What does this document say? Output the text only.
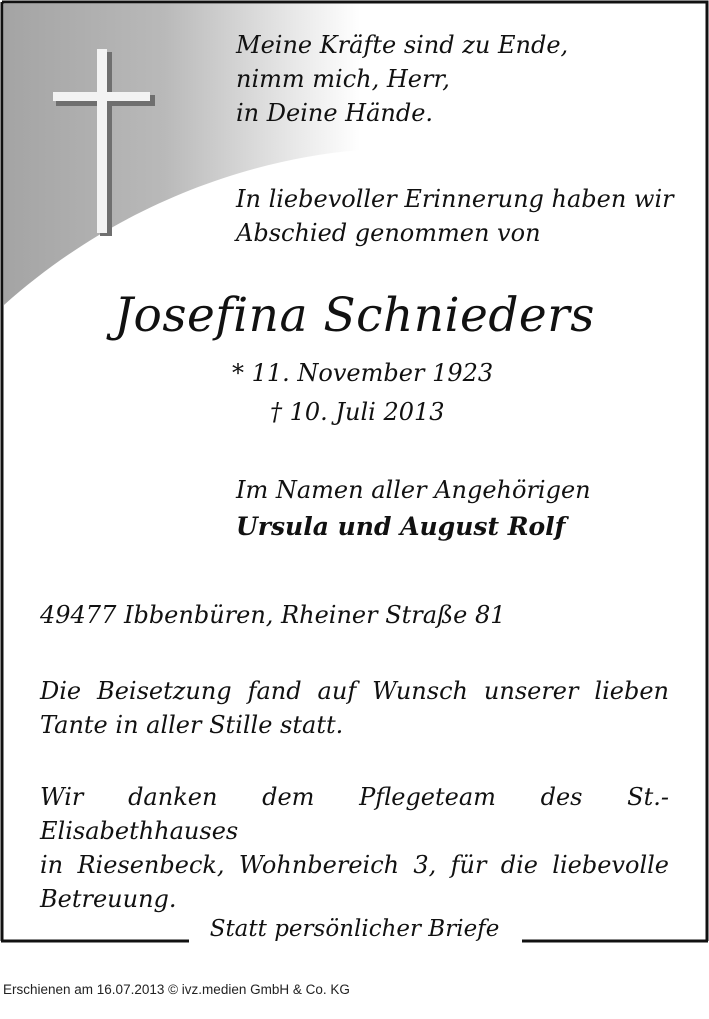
Meine Kräfte sind zu Ende,
nimm mich, Herr,
in Deine Hände.
In liebevoller Erinnerung haben wir
Abschied genommen von
Josefina Schnieders
* 11. November 1923
† 10. Juli 2013
Im Namen aller Angehörigen
Ursula und August Rolf
49477 Ibbenbüren, Rheiner Straße 81
Die Beisetzung fand auf Wunsch unserer lieben
Tante in aller Stille statt.
Wir danken dem Pflegeteam des St.-Elisabethhauses
in Riesenbeck, Wohnbereich 3, für die liebevolle
Betreuung.
Statt persönlicher Briefe
Erschienen am 16.07.2013 © ivz.medien GmbH & Co. KG
